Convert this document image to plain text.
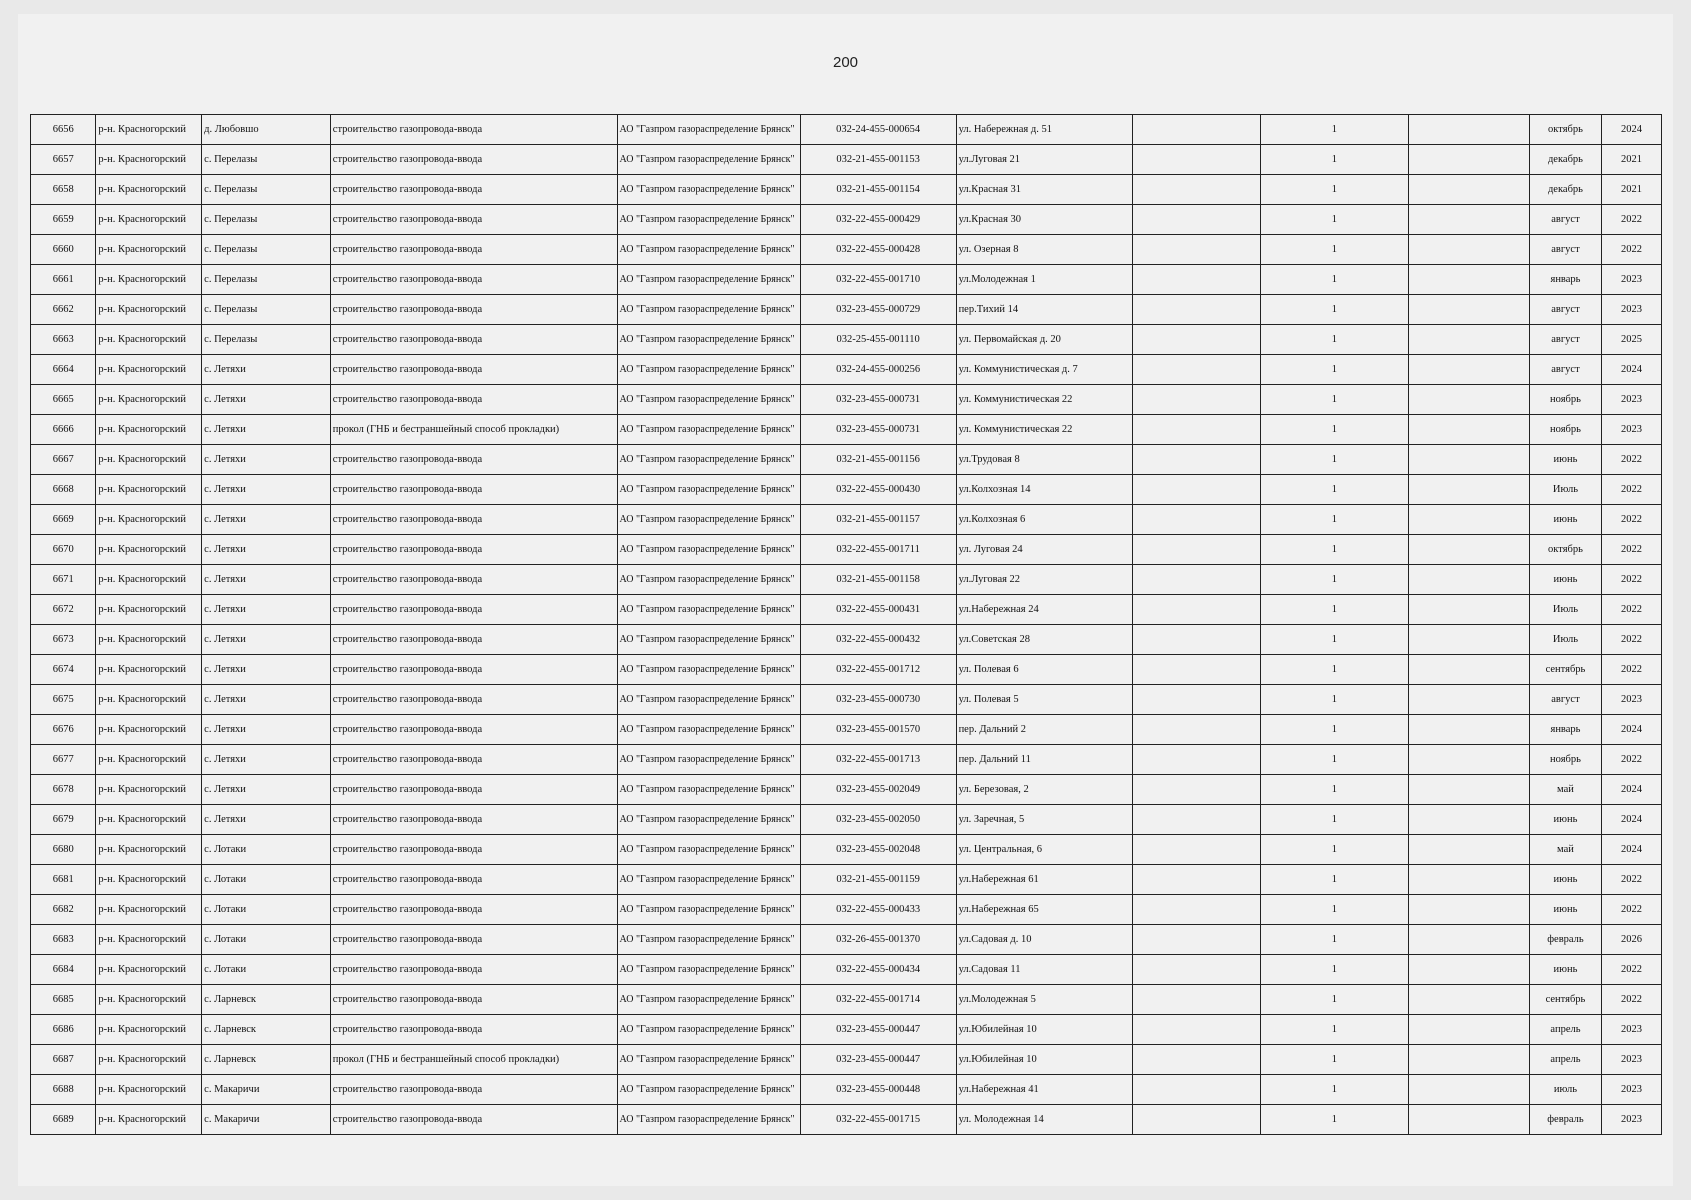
200
6656	р-н. Красногорский	д. Любовшо	строительство газопровода-ввода	АО "Газпром газораспределение Брянск"	032-24-455-000654	ул. Набережная д. 51		1		октябрь	2024
6657	р-н. Красногорский	с. Перелазы	строительство газопровода-ввода	АО "Газпром газораспределение Брянск"	032-21-455-001153	ул.Луговая 21		1		декабрь	2021
6658	р-н. Красногорский	с. Перелазы	строительство газопровода-ввода	АО "Газпром газораспределение Брянск"	032-21-455-001154	ул.Красная 31		1		декабрь	2021
6659	р-н. Красногорский	с. Перелазы	строительство газопровода-ввода	АО "Газпром газораспределение Брянск"	032-22-455-000429	ул.Красная 30		1		август	2022
6660	р-н. Красногорский	с. Перелазы	строительство газопровода-ввода	АО "Газпром газораспределение Брянск"	032-22-455-000428	ул. Озерная 8		1		август	2022
6661	р-н. Красногорский	с. Перелазы	строительство газопровода-ввода	АО "Газпром газораспределение Брянск"	032-22-455-001710	ул.Молодежная 1		1		январь	2023
6662	р-н. Красногорский	с. Перелазы	строительство газопровода-ввода	АО "Газпром газораспределение Брянск"	032-23-455-000729	пер.Тихий 14		1		август	2023
6663	р-н. Красногорский	с. Перелазы	строительство газопровода-ввода	АО "Газпром газораспределение Брянск"	032-25-455-001110	ул. Первомайская д. 20		1		август	2025
6664	р-н. Красногорский	с. Летяхи	строительство газопровода-ввода	АО "Газпром газораспределение Брянск"	032-24-455-000256	ул. Коммунистическая д. 7		1		август	2024
6665	р-н. Красногорский	с. Летяхи	строительство газопровода-ввода	АО "Газпром газораспределение Брянск"	032-23-455-000731	ул. Коммунистическая 22		1		ноябрь	2023
6666	р-н. Красногорский	с. Летяхи	прокол (ГНБ и бестраншейный способ прокладки)	АО "Газпром газораспределение Брянск"	032-23-455-000731	ул. Коммунистическая 22		1		ноябрь	2023
6667	р-н. Красногорский	с. Летяхи	строительство газопровода-ввода	АО "Газпром газораспределение Брянск"	032-21-455-001156	ул.Трудовая 8		1		июнь	2022
6668	р-н. Красногорский	с. Летяхи	строительство газопровода-ввода	АО "Газпром газораспределение Брянск"	032-22-455-000430	ул.Колхозная 14		1		Июль	2022
6669	р-н. Красногорский	с. Летяхи	строительство газопровода-ввода	АО "Газпром газораспределение Брянск"	032-21-455-001157	ул.Колхозная 6		1		июнь	2022
6670	р-н. Красногорский	с. Летяхи	строительство газопровода-ввода	АО "Газпром газораспределение Брянск"	032-22-455-001711	ул. Луговая 24		1		октябрь	2022
6671	р-н. Красногорский	с. Летяхи	строительство газопровода-ввода	АО "Газпром газораспределение Брянск"	032-21-455-001158	ул.Луговая 22		1		июнь	2022
6672	р-н. Красногорский	с. Летяхи	строительство газопровода-ввода	АО "Газпром газораспределение Брянск"	032-22-455-000431	ул.Набережная 24		1		Июль	2022
6673	р-н. Красногорский	с. Летяхи	строительство газопровода-ввода	АО "Газпром газораспределение Брянск"	032-22-455-000432	ул.Советская 28		1		Июль	2022
6674	р-н. Красногорский	с. Летяхи	строительство газопровода-ввода	АО "Газпром газораспределение Брянск"	032-22-455-001712	ул. Полевая 6		1		сентябрь	2022
6675	р-н. Красногорский	с. Летяхи	строительство газопровода-ввода	АО "Газпром газораспределение Брянск"	032-23-455-000730	ул. Полевая 5		1		август	2023
6676	р-н. Красногорский	с. Летяхи	строительство газопровода-ввода	АО "Газпром газораспределение Брянск"	032-23-455-001570	пер. Дальний 2		1		январь	2024
6677	р-н. Красногорский	с. Летяхи	строительство газопровода-ввода	АО "Газпром газораспределение Брянск"	032-22-455-001713	пер. Дальний 11		1		ноябрь	2022
6678	р-н. Красногорский	с. Летяхи	строительство газопровода-ввода	АО "Газпром газораспределение Брянск"	032-23-455-002049	ул. Березовая, 2		1		май	2024
6679	р-н. Красногорский	с. Летяхи	строительство газопровода-ввода	АО "Газпром газораспределение Брянск"	032-23-455-002050	ул. Заречная, 5		1		июнь	2024
6680	р-н. Красногорский	с. Лотаки	строительство газопровода-ввода	АО "Газпром газораспределение Брянск"	032-23-455-002048	ул. Центральная, 6		1		май	2024
6681	р-н. Красногорский	с. Лотаки	строительство газопровода-ввода	АО "Газпром газораспределение Брянск"	032-21-455-001159	ул.Набережная 61		1		июнь	2022
6682	р-н. Красногорский	с. Лотаки	строительство газопровода-ввода	АО "Газпром газораспределение Брянск"	032-22-455-000433	ул.Набережная 65		1		июнь	2022
6683	р-н. Красногорский	с. Лотаки	строительство газопровода-ввода	АО "Газпром газораспределение Брянск"	032-26-455-001370	ул.Садовая д. 10		1		февраль	2026
6684	р-н. Красногорский	с. Лотаки	строительство газопровода-ввода	АО "Газпром газораспределение Брянск"	032-22-455-000434	ул.Садовая 11		1		июнь	2022
6685	р-н. Красногорский	с. Ларневск	строительство газопровода-ввода	АО "Газпром газораспределение Брянск"	032-22-455-001714	ул.Молодежная 5		1		сентябрь	2022
6686	р-н. Красногорский	с. Ларневск	строительство газопровода-ввода	АО "Газпром газораспределение Брянск"	032-23-455-000447	ул.Юбилейная 10		1		апрель	2023
6687	р-н. Красногорский	с. Ларневск	прокол (ГНБ и бестраншейный способ прокладки)	АО "Газпром газораспределение Брянск"	032-23-455-000447	ул.Юбилейная 10		1		апрель	2023
6688	р-н. Красногорский	с. Макаричи	строительство газопровода-ввода	АО "Газпром газораспределение Брянск"	032-23-455-000448	ул.Набережная 41		1		июль	2023
6689	р-н. Красногорский	с. Макаричи	строительство газопровода-ввода	АО "Газпром газораспределение Брянск"	032-22-455-001715	ул. Молодежная 14		1		февраль	2023
